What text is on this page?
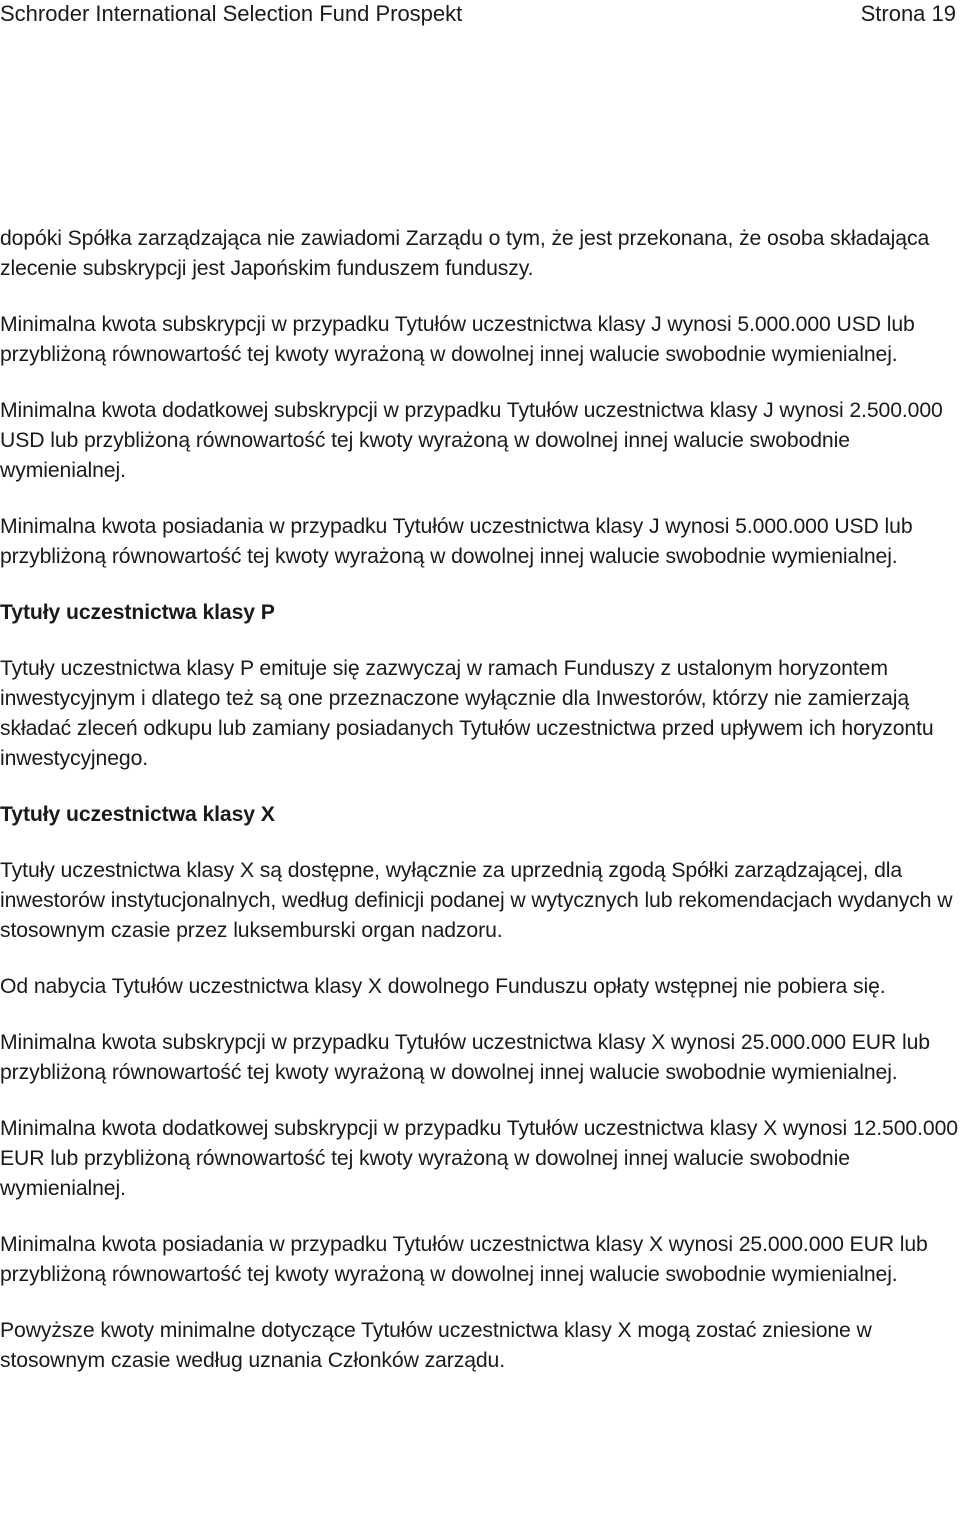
Schroder International Selection Fund Prospekt	Strona 19

dopóki Spółka zarządzająca nie zawiadomi Zarządu o tym, że jest przekonana, że osoba składająca zlecenie subskrypcji jest Japońskim funduszem funduszy.

Minimalna kwota subskrypcji w przypadku Tytułów uczestnictwa klasy J wynosi 5.000.000 USD lub przybliżoną równowartość tej kwoty wyrażoną w dowolnej innej walucie swobodnie wymienialnej.

Minimalna kwota dodatkowej subskrypcji w przypadku Tytułów uczestnictwa klasy J wynosi 2.500.000 USD lub przybliżoną równowartość tej kwoty wyrażoną w dowolnej innej walucie swobodnie wymienialnej.

Minimalna kwota posiadania w przypadku Tytułów uczestnictwa klasy J wynosi 5.000.000 USD lub przybliżoną równowartość tej kwoty wyrażoną w dowolnej innej walucie swobodnie wymienialnej.

Tytuły uczestnictwa klasy P

Tytuły uczestnictwa klasy P emituje się zazwyczaj w ramach Funduszy z ustalonym horyzontem inwestycyjnym i dlatego też są one przeznaczone wyłącznie dla Inwestorów, którzy nie zamierzają składać zleceń odkupu lub zamiany posiadanych Tytułów uczestnictwa przed upływem ich horyzontu inwestycyjnego.

Tytuły uczestnictwa klasy X

Tytuły uczestnictwa klasy X są dostępne, wyłącznie za uprzednią zgodą Spółki zarządzającej, dla inwestorów instytucjonalnych, według definicji podanej w wytycznych lub rekomendacjach wydanych w stosownym czasie przez luksemburski organ nadzoru.

Od nabycia Tytułów uczestnictwa klasy X dowolnego Funduszu opłaty wstępnej nie pobiera się.

Minimalna kwota subskrypcji w przypadku Tytułów uczestnictwa klasy X wynosi 25.000.000 EUR lub przybliżoną równowartość tej kwoty wyrażoną w dowolnej innej walucie swobodnie wymienialnej.

Minimalna kwota dodatkowej subskrypcji w przypadku Tytułów uczestnictwa klasy X wynosi 12.500.000 EUR lub przybliżoną równowartość tej kwoty wyrażoną w dowolnej innej walucie swobodnie wymienialnej.

Minimalna kwota posiadania w przypadku Tytułów uczestnictwa klasy X wynosi 25.000.000 EUR lub przybliżoną równowartość tej kwoty wyrażoną w dowolnej innej walucie swobodnie wymienialnej.

Powyższe kwoty minimalne dotyczące Tytułów uczestnictwa klasy X mogą zostać zniesione w stosownym czasie według uznania Członków zarządu.
